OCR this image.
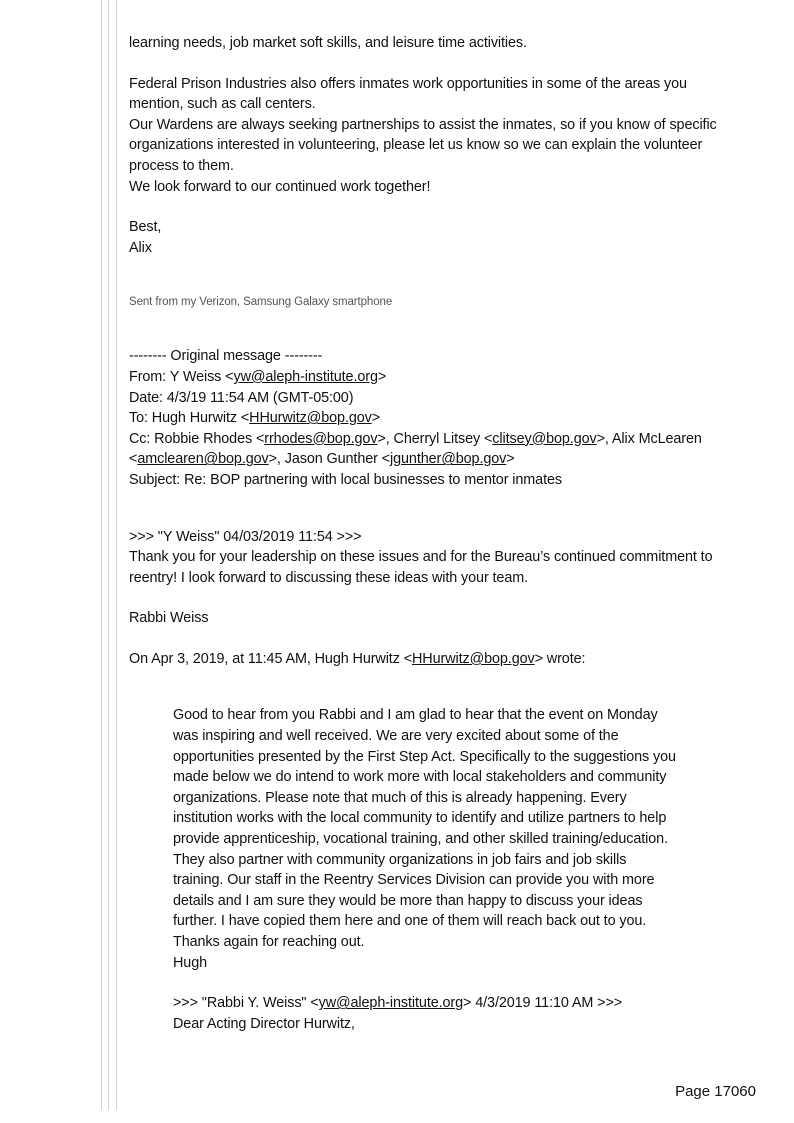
learning needs, job market soft skills, and leisure time activities.

Federal Prison Industries also offers inmates work opportunities in some of the areas you mention, such as call centers.

Our Wardens are always seeking partnerships to assist the inmates, so if you know of specific organizations interested in volunteering, please let us know so we can explain the volunteer process to them.

We look forward to our continued work together!

Best,

Alix

Sent from my Verizon, Samsung Galaxy smartphone

-------- Original message --------

From: Y Weiss <yw@aleph-institute.org>

Date: 4/3/19 11:54 AM (GMT-05:00)

To: Hugh Hurwitz <HHurwitz@bop.gov>

Cc: Robbie Rhodes <rrhodes@bop.gov>, Cherryl Litsey <clitsey@bop.gov>, Alix McLearen <amclearen@bop.gov>, Jason Gunther <jgunther@bop.gov>

Subject: Re: BOP partnering with local businesses to mentor inmates

>>> "Y Weiss" 04/03/2019 11:54 >>>

Thank you for your leadership on these issues and for the Bureau’s continued commitment to reentry! I look forward to discussing these ideas with your team.

Rabbi Weiss

On Apr 3, 2019, at 11:45 AM, Hugh Hurwitz <HHurwitz@bop.gov> wrote:

Good to hear from you Rabbi and I am glad to hear that the event on Monday was inspiring and well received. We are very excited about some of the opportunities presented by the First Step Act. Specifically to the suggestions you made below we do intend to work more with local stakeholders and community organizations. Please note that much of this is already happening. Every institution works with the local community to identify and utilize partners to help provide apprenticeship, vocational training, and other skilled training/education. They also partner with community organizations in job fairs and job skills training. Our staff in the Reentry Services Division can provide you with more details and I am sure they would be more than happy to discuss your ideas further. I have copied them here and one of them will reach back out to you. Thanks again for reaching out.

Hugh

>>> "Rabbi Y. Weiss" <yw@aleph-institute.org> 4/3/2019 11:10 AM >>>

Dear Acting Director Hurwitz,

Page 17060
